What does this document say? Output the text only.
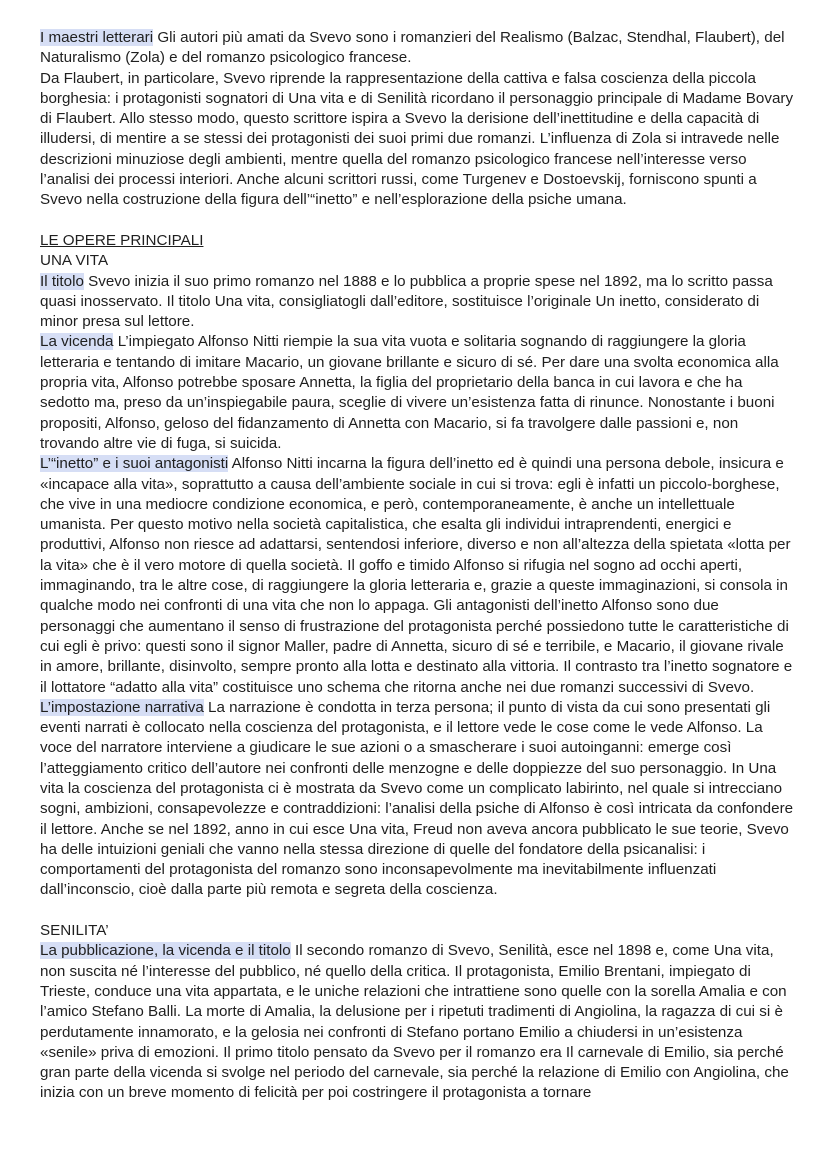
I maestri letterari Gli autori più amati da Svevo sono i romanzieri del Realismo (Balzac, Stendhal, Flaubert), del Naturalismo (Zola) e del romanzo psicologico francese.

Da Flaubert, in particolare, Svevo riprende la rappresentazione della cattiva e falsa coscienza della piccola borghesia: i protagonisti sognatori di Una vita e di Senilità ricordano il personaggio principale di Madame Bovary di Flaubert. Allo stesso modo, questo scrittore ispira a Svevo la derisione dell’inettitudine e della capacità di illudersi, di mentire a se stessi dei protagonisti dei suoi primi due romanzi. L’influenza di Zola si intravede nelle descrizioni minuziose degli ambienti, mentre quella del romanzo psicologico francese nell’interesse verso l’analisi dei processi interiori. Anche alcuni scrittori russi, come Turgenev e Dostoevskij, forniscono spunti a Svevo nella costruzione della figura dell’“inetto” e nell’esplorazione della psiche umana.

LE OPERE PRINCIPALI

UNA VITA

Il titolo Svevo inizia il suo primo romanzo nel 1888 e lo pubblica a proprie spese nel 1892, ma lo scritto passa quasi inosservato. Il titolo Una vita, consigliatogli dall’editore, sostituisce l’originale Un inetto, considerato di minor presa sul lettore.

La vicenda L’impiegato Alfonso Nitti riempie la sua vita vuota e solitaria sognando di raggiungere la gloria letteraria e tentando di imitare Macario, un giovane brillante e sicuro di sé. Per dare una svolta economica alla propria vita, Alfonso potrebbe sposare Annetta, la figlia del proprietario della banca in cui lavora e che ha sedotto ma, preso da un’inspiegabile paura, sceglie di vivere un’esistenza fatta di rinunce. Nonostante i buoni propositi, Alfonso, geloso del fidanzamento di Annetta con Macario, si fa travolgere dalle passioni e, non trovando altre vie di fuga, si suicida.

L’“inetto” e i suoi antagonisti Alfonso Nitti incarna la figura dell’inetto ed è quindi una persona debole, insicura e «incapace alla vita», soprattutto a causa dell’ambiente sociale in cui si trova: egli è infatti un piccolo-borghese, che vive in una mediocre condizione economica, e però, contemporaneamente, è anche un intellettuale umanista. Per questo motivo nella società capitalistica, che esalta gli individui intraprendenti, energici e produttivi, Alfonso non riesce ad adattarsi, sentendosi inferiore, diverso e non all’altezza della spietata «lotta per la vita» che è il vero motore di quella società. Il goffo e timido Alfonso si rifugia nel sogno ad occhi aperti, immaginando, tra le altre cose, di raggiungere la gloria letteraria e, grazie a queste immaginazioni, si consola in qualche modo nei confronti di una vita che non lo appaga. Gli antagonisti dell’inetto Alfonso sono due personaggi che aumentano il senso di frustrazione del protagonista perché possiedono tutte le caratteristiche di cui egli è privo: questi sono il signor Maller, padre di Annetta, sicuro di sé e terribile, e Macario, il giovane rivale in amore, brillante, disinvolto, sempre pronto alla lotta e destinato alla vittoria. Il contrasto tra l’inetto sognatore e il lottatore “adatto alla vita” costituisce uno schema che ritorna anche nei due romanzi successivi di Svevo.

L’impostazione narrativa La narrazione è condotta in terza persona; il punto di vista da cui sono presentati gli eventi narrati è collocato nella coscienza del protagonista, e il lettore vede le cose come le vede Alfonso. La voce del narratore interviene a giudicare le sue azioni o a smascherare i suoi autoinganni: emerge così l’atteggiamento critico dell’autore nei confronti delle menzogne e delle doppiezze del suo personaggio. In Una vita la coscienza del protagonista ci è mostrata da Svevo come un complicato labirinto, nel quale si intrecciano sogni, ambizioni, consapevolezze e contraddizioni: l’analisi della psiche di Alfonso è così intricata da confondere il lettore. Anche se nel 1892, anno in cui esce Una vita, Freud non aveva ancora pubblicato le sue teorie, Svevo ha delle intuizioni geniali che vanno nella stessa direzione di quelle del fondatore della psicanalisi: i comportamenti del protagonista del romanzo sono inconsapevolmente ma inevitabilmente influenzati dall’inconscio, cioè dalla parte più remota e segreta della coscienza.

SENILITA’

La pubblicazione, la vicenda e il titolo Il secondo romanzo di Svevo, Senilità, esce nel 1898 e, come Una vita, non suscita né l’interesse del pubblico, né quello della critica. Il protagonista, Emilio Brentani, impiegato di Trieste, conduce una vita appartata, e le uniche relazioni che intrattiene sono quelle con la sorella Amalia e con l’amico Stefano Balli. La morte di Amalia, la delusione per i ripetuti tradimenti di Angiolina, la ragazza di cui si è perdutamente innamorato, e la gelosia nei confronti di Stefano portano Emilio a chiudersi in un’esistenza «senile» priva di emozioni. Il primo titolo pensato da Svevo per il romanzo era Il carnevale di Emilio, sia perché gran parte della vicenda si svolge nel periodo del carnevale, sia perché la relazione di Emilio con Angiolina, che inizia con un breve momento di felicità per poi costringere il protagonista a tornare
